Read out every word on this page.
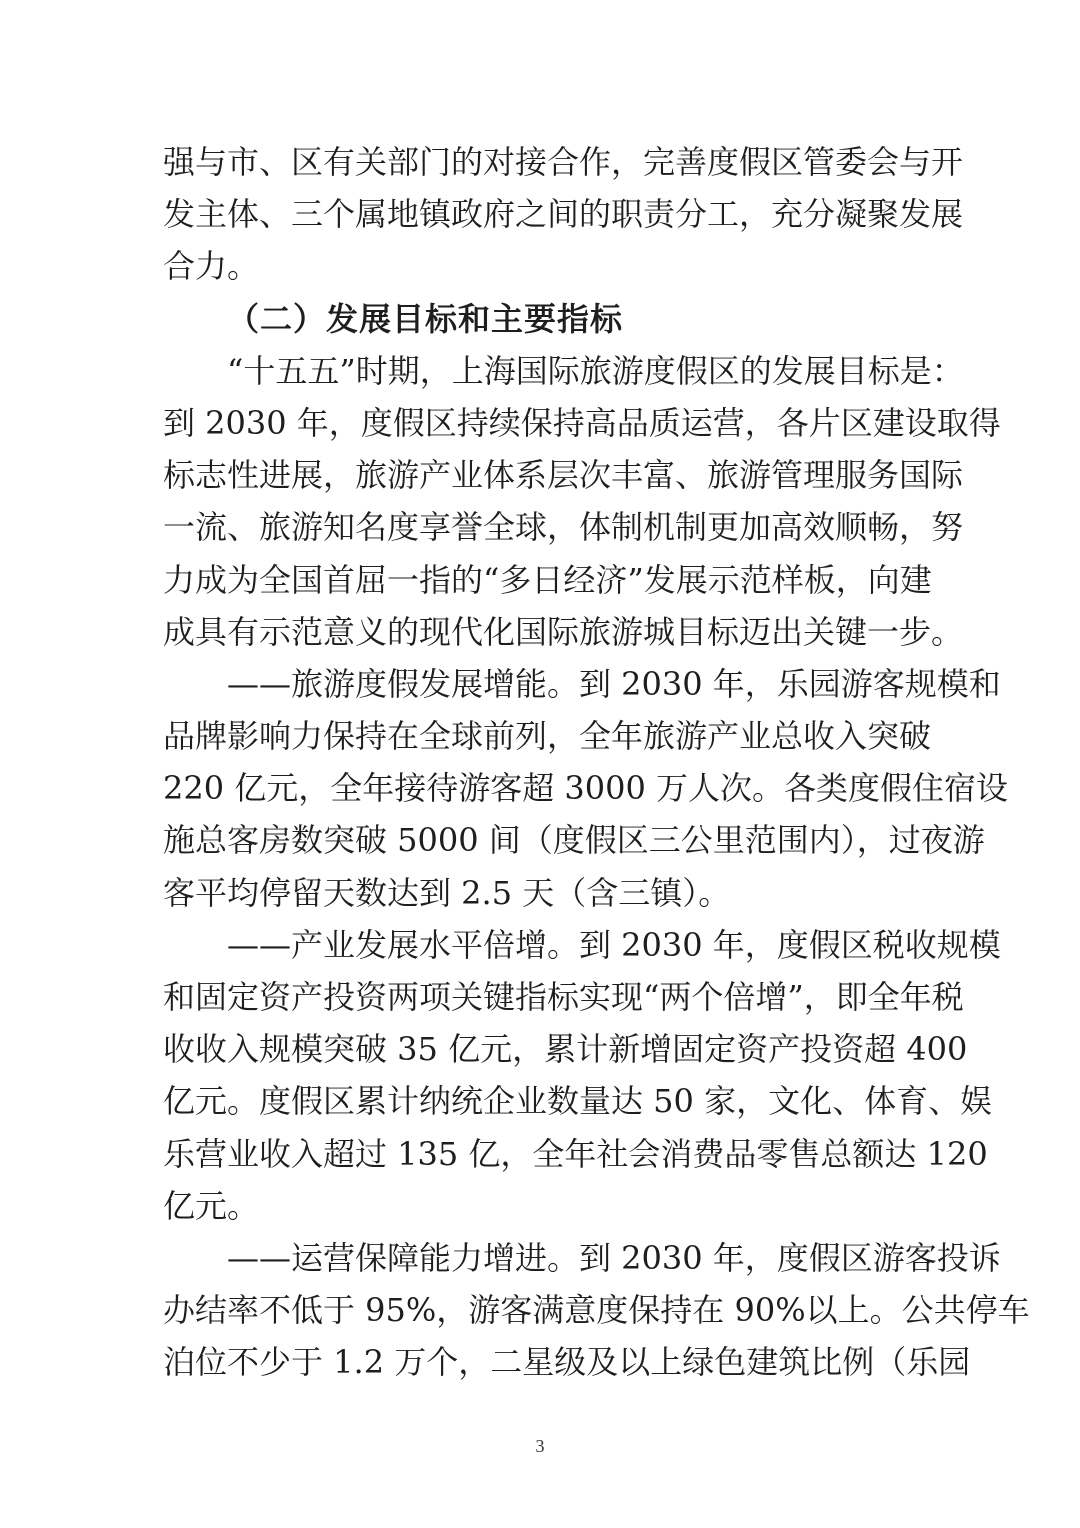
强与市、区有关部门的对接合作，完善度假区管委会与开
发主体、三个属地镇政府之间的职责分工，充分凝聚发展
合力。
（二）发展目标和主要指标
“十五五”时期，上海国际旅游度假区的发展目标是：
到 2030 年，度假区持续保持高品质运营，各片区建设取得
标志性进展，旅游产业体系层次丰富、旅游管理服务国际
一流、旅游知名度享誉全球，体制机制更加高效顺畅，努
力成为全国首屈一指的“多日经济”发展示范样板，向建
成具有示范意义的现代化国际旅游城目标迈出关键一步。
——旅游度假发展增能。到 2030 年，乐园游客规模和
品牌影响力保持在全球前列，全年旅游产业总收入突破
220 亿元，全年接待游客超 3000 万人次。各类度假住宿设
施总客房数突破 5000 间（度假区三公里范围内），过夜游
客平均停留天数达到 2.5 天（含三镇）。
——产业发展水平倍增。到 2030 年，度假区税收规模
和固定资产投资两项关键指标实现“两个倍增”，即全年税
收收入规模突破 35 亿元，累计新增固定资产投资超 400
亿元。度假区累计纳统企业数量达 50 家，文化、体育、娱
乐营业收入超过 135 亿，全年社会消费品零售总额达 120
亿元。
——运营保障能力增进。到 2030 年，度假区游客投诉
办结率不低于 95%，游客满意度保持在 90%以上。公共停车
泊位不少于 1.2 万个，二星级及以上绿色建筑比例（乐园
3
